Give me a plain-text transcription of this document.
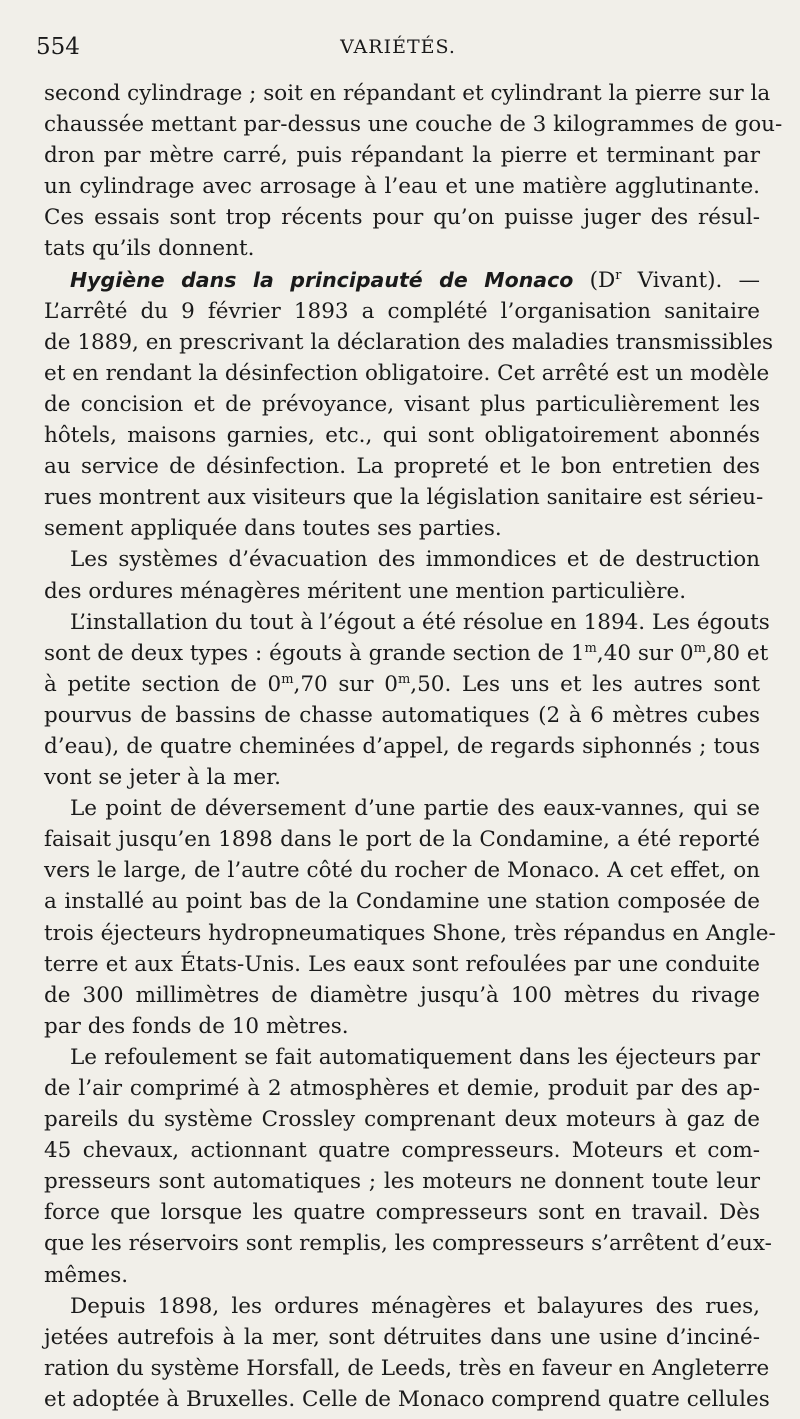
554	VARIÉTÉS.
second cylindrage ; soit en répandant et cylindrant la pierre sur la
chaussée mettant par-dessus une couche de 3 kilogrammes de gou-
dron par mètre carré, puis répandant la pierre et terminant par
un cylindrage avec arrosage à l’eau et une matière agglutinante.
Ces essais sont trop récents pour qu’on puisse juger des résul-
tats qu’ils donnent.
Hygiène dans la principauté de Monaco ($D^r$ Vivant). —
L’arrêté du 9 février 1893 a complété l’organisation sanitaire
de 1889, en prescrivant la déclaration des maladies transmissibles
et en rendant la désinfection obligatoire. Cet arrêté est un modèle
de concision et de prévoyance, visant plus particulièrement les
hôtels, maisons garnies, etc., qui sont obligatoirement abonnés
au service de désinfection. La propreté et le bon entretien des
rues montrent aux visiteurs que la législation sanitaire est sérieu-
sement appliquée dans toutes ses parties.
Les systèmes d’évacuation des immondices et de destruction
des ordures ménagères méritent une mention particulière.
L’installation du tout à l’égout a été résolue en 1894. Les égouts
sont de deux types : égouts à grande section de 1$^m$,40 sur 0$^m$,80 et
à petite section de 0$^m$,70 sur 0$^m$,50. Les uns et les autres sont
pourvus de bassins de chasse automatiques (2 à 6 mètres cubes
d’eau), de quatre cheminées d’appel, de regards siphonnés ; tous
vont se jeter à la mer.
Le point de déversement d’une partie des eaux-vannes, qui se
faisait jusqu’en 1898 dans le port de la Condamine, a été reporté
vers le large, de l’autre côté du rocher de Monaco. A cet effet, on
a installé au point bas de la Condamine une station composée de
trois éjecteurs hydropneumatiques Shone, très répandus en Angle-
terre et aux États-Unis. Les eaux sont refoulées par une conduite
de 300 millimètres de diamètre jusqu’à 100 mètres du rivage
par des fonds de 10 mètres.
Le refoulement se fait automatiquement dans les éjecteurs par
de l’air comprimé à 2 atmosphères et demie, produit par des ap-
pareils du système Crossley comprenant deux moteurs à gaz de
45 chevaux, actionnant quatre compresseurs. Moteurs et com-
presseurs sont automatiques ; les moteurs ne donnent toute leur
force que lorsque les quatre compresseurs sont en travail. Dès
que les réservoirs sont remplis, les compresseurs s’arrêtent d’eux-
mêmes.
Depuis 1898, les ordures ménagères et balayures des rues,
jetées autrefois à la mer, sont détruites dans une usine d’inciné-
ration du système Horsfall, de Leeds, très en faveur en Angleterre
et adoptée à Bruxelles. Celle de Monaco comprend quatre cellules
